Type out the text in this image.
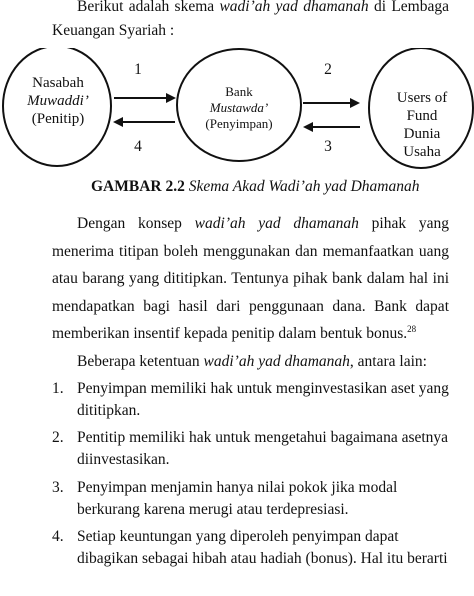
Berikut adalah skema wadi’ah yad dhamanah di Lembaga
Keuangan Syariah :
1
4
2
3
Nasabah
Muwaddi’
(Penitip)
Bank
Mustawda’
(Penyimpan)
Users of
Fund
Dunia
Usaha
GAMBAR 2.2 Skema Akad Wadi’ah yad Dhamanah
Dengan konsep wadi’ah yad dhamanah pihak yang
menerima titipan boleh menggunakan dan memanfaatkan uang
atau barang yang dititipkan. Tentunya pihak bank dalam hal ini
mendapatkan bagi hasil dari penggunaan dana. Bank dapat
memberikan insentif kepada penitip dalam bentuk bonus.$^{28}$
Beberapa ketentuan wadi’ah yad dhamanah, antara lain:
1. Penyimpan memiliki hak untuk menginvestasikan aset yang
dititipkan.
2. Pentitip memiliki hak untuk mengetahui bagaimana asetnya
diinvestasikan.
3. Penyimpan menjamin hanya nilai pokok jika modal
berkurang karena merugi atau terdepresiasi.
4. Setiap keuntungan yang diperoleh penyimpan dapat
dibagikan sebagai hibah atau hadiah (bonus). Hal itu berarti
